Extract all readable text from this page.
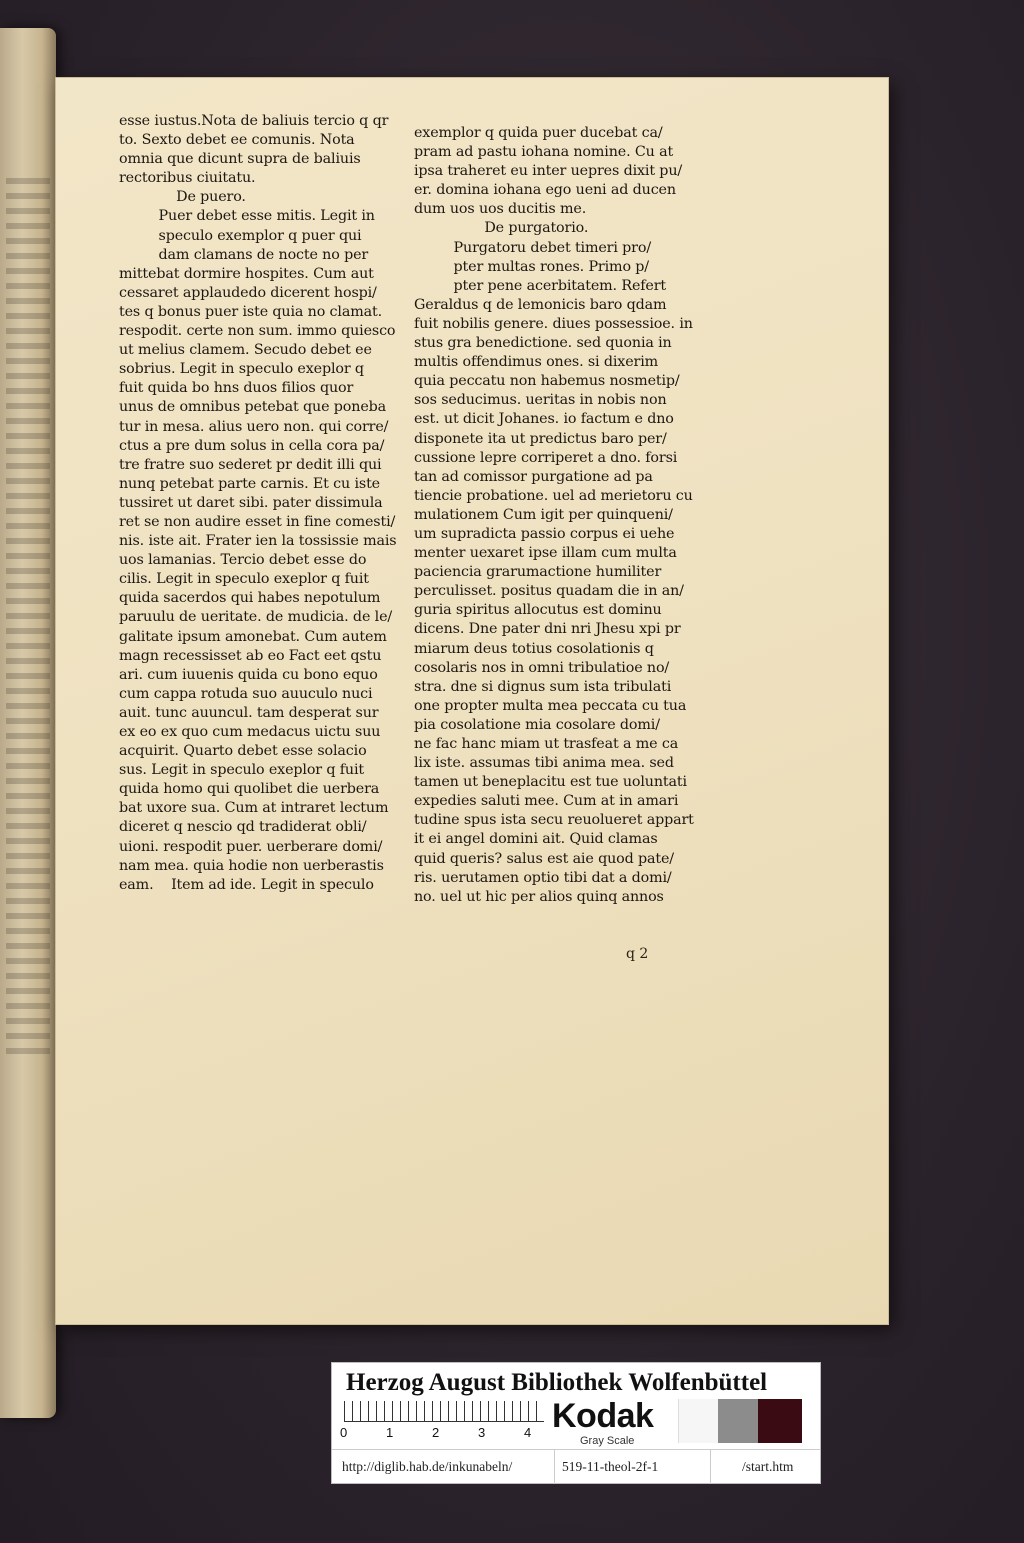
esse iustus.Nota de baliuis tercio q qr
to. Sexto debet ee comunis. Nota
omnia que dicunt supra de baliuis
rectoribus ciuitatu.
De puero.
Puer debet esse mitis. Legit in
speculo exemplor q puer qui
dam clamans de nocte no per
mittebat dormire hospites. Cum aut
cessaret applaudedo dicerent hospi/
tes q bonus puer iste quia no clamat.
respodit. certe non sum. immo quiesco
ut melius clamem. Secudo debet ee
sobrius. Legit in speculo exeplor q
fuit quida bo hns duos filios quor
unus de omnibus petebat que poneba
tur in mesa. alius uero non. qui corre/
ctus a pre dum solus in cella cora pa/
tre fratre suo sederet pr dedit illi qui
nunq petebat parte carnis. Et cu iste
tussiret ut daret sibi. pater dissimula
ret se non audire esset in fine comesti/
nis. iste ait. Frater ien la tossissie mais
uos lamanias. Tercio debet esse do
cilis. Legit in speculo exeplor q fuit
quida sacerdos qui habes nepotulum
paruulu de ueritate. de mudicia. de le/
galitate ipsum amonebat. Cum autem
magn recessisset ab eo Fact eet qstu
ari. cum iuuenis quida cu bono equo
cum cappa rotuda suo auuculo nuci
auit. tunc auuncul. tam desperat sur
ex eo ex quo cum medacus uictu suu
acquirit. Quarto debet esse solacio
sus. Legit in speculo exeplor q fuit
quida homo qui quolibet die uerbera
bat uxore sua. Cum at intraret lectum
diceret q nescio qd tradiderat obli/
uioni. respodit puer. uerberare domi/
nam mea. quia hodie non uerberastis
eam.    Item ad ide. Legit in speculo
exemplor q quida puer ducebat ca/
pram ad pastu iohana nomine. Cu at
ipsa traheret eu inter uepres dixit pu/
er. domina iohana ego ueni ad ducen
dum uos uos ducitis me.
De purgatorio.
Purgatoru debet timeri pro/
pter multas rones. Primo p/
pter pene acerbitatem. Refert
Geraldus q de lemonicis baro qdam
fuit nobilis genere. diues possessioe. in
stus gra benedictione. sed quonia in
multis offendimus ones. si dixerim
quia peccatu non habemus nosmetip/
sos seducimus. ueritas in nobis non
est. ut dicit Johanes. io factum e dno
disponete ita ut predictus baro per/
cussione lepre corriperet a dno. forsi
tan ad comissor purgatione ad pa
tiencie probatione. uel ad merietoru cu
mulationem Cum igit per quinqueni/
um supradicta passio corpus ei uehe
menter uexaret ipse illam cum multa
paciencia grarumactione humiliter
perculisset. positus quadam die in an/
guria spiritus allocutus est dominu
dicens. Dne pater dni nri Jhesu xpi pr
miarum deus totius cosolationis q
cosolaris nos in omni tribulatioe no/
stra. dne si dignus sum ista tribulati
one propter multa mea peccata cu tua
pia cosolatione mia cosolare domi/
ne fac hanc miam ut trasfeat a me ca
lix iste. assumas tibi anima mea. sed
tamen ut beneplacitu est tue uoluntati
expedies saluti mee. Cum at in amari
tudine spus ista secu reuolueret appart
it ei angel domini ait. Quid clamas
quid queris? salus est aie quod pate/
ris. uerutamen optio tibi dat a domi/
no. uel ut hic per alios quinq annos
q 2
Herzog August Bibliothek Wolfenbüttel
0	1	2	3	4 Kodak
Gray Scale
http://diglib.hab.de/inkunabeln/	519-11-theol-2f-1	/start.htm
